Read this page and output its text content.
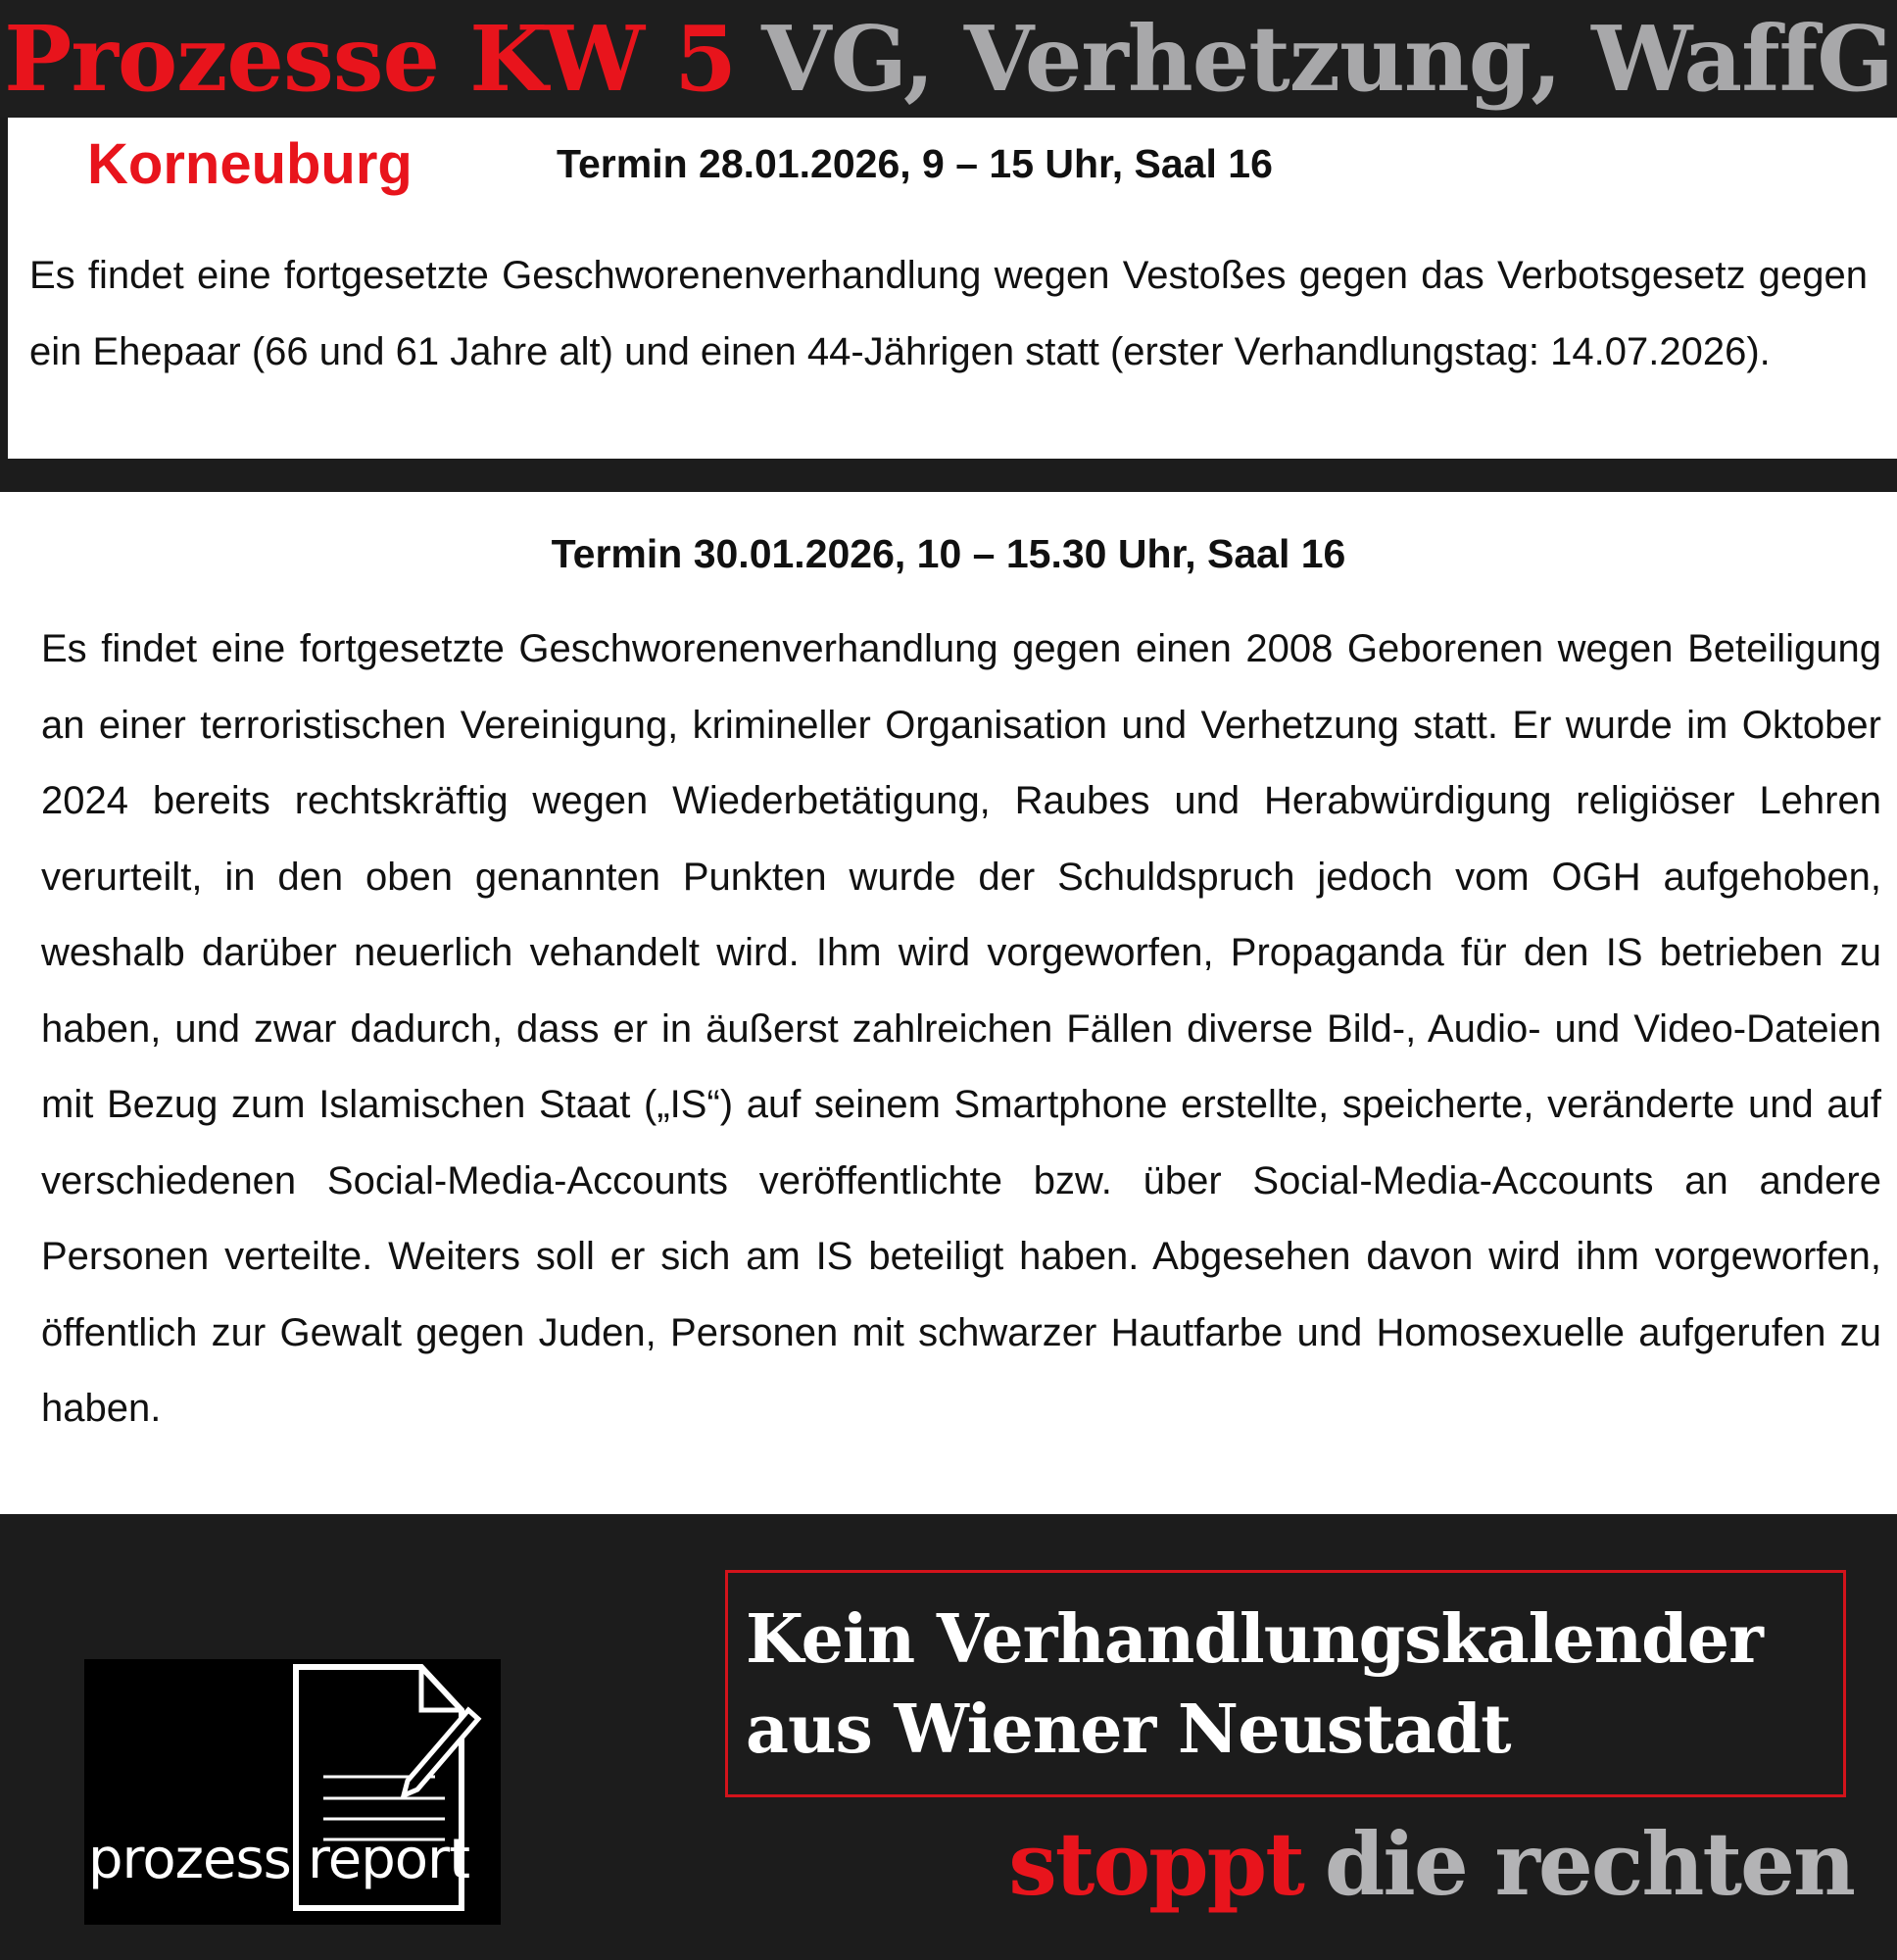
Prozesse KW 5 VG, Verhetzung, WaffG
Korneuburg	Termin 28.01.2026, 9 – 15 Uhr, Saal 16
Es findet eine fortgesetzte Geschworenenverhandlung wegen Vestoßes gegen das Verbotsgesetz gegen ein Ehepaar (66 und 61 Jahre alt) und einen 44-Jährigen statt (erster Verhandlungstag: 14.07.2026).
Termin 30.01.2026, 10 – 15.30 Uhr, Saal 16
Es findet eine fortgesetzte Geschworenenverhandlung gegen einen 2008 Geborenen wegen Beteiligung an einer terroristischen Vereinigung, krimineller Organisation und Verhetzung statt. Er wurde im Oktober 2024 bereits rechtskräftig wegen Wiederbetätigung, Raubes und Herabwürdigung religiöser Lehren verurteilt, in den oben genannten Punkten wurde der Schuldspruch jedoch vom OGH aufgehoben, weshalb darüber neuerlich vehandelt wird. Ihm wird vorgeworfen, Propaganda für den IS betrieben zu haben, und zwar dadurch, dass er in äußerst zahlreichen Fällen diverse Bild-, Audio- und Video-Dateien mit Bezug zum Islamischen Staat („IS“) auf seinem Smartphone erstellte, speicherte, veränderte und auf verschiedenen Social-Media-Accounts veröffentlichte bzw. über Social-Media-Accounts an andere Personen verteilte. Weiters soll er sich am IS beteiligt haben. Abgesehen davon wird ihm vorgeworfen, öffentlich zur Gewalt gegen Juden, Personen mit schwarzer Hautfarbe und Homosexuelle aufgerufen zu haben.
prozess report
Kein Verhandlungskalender aus Wiener Neustadt
stoppt die rechten
